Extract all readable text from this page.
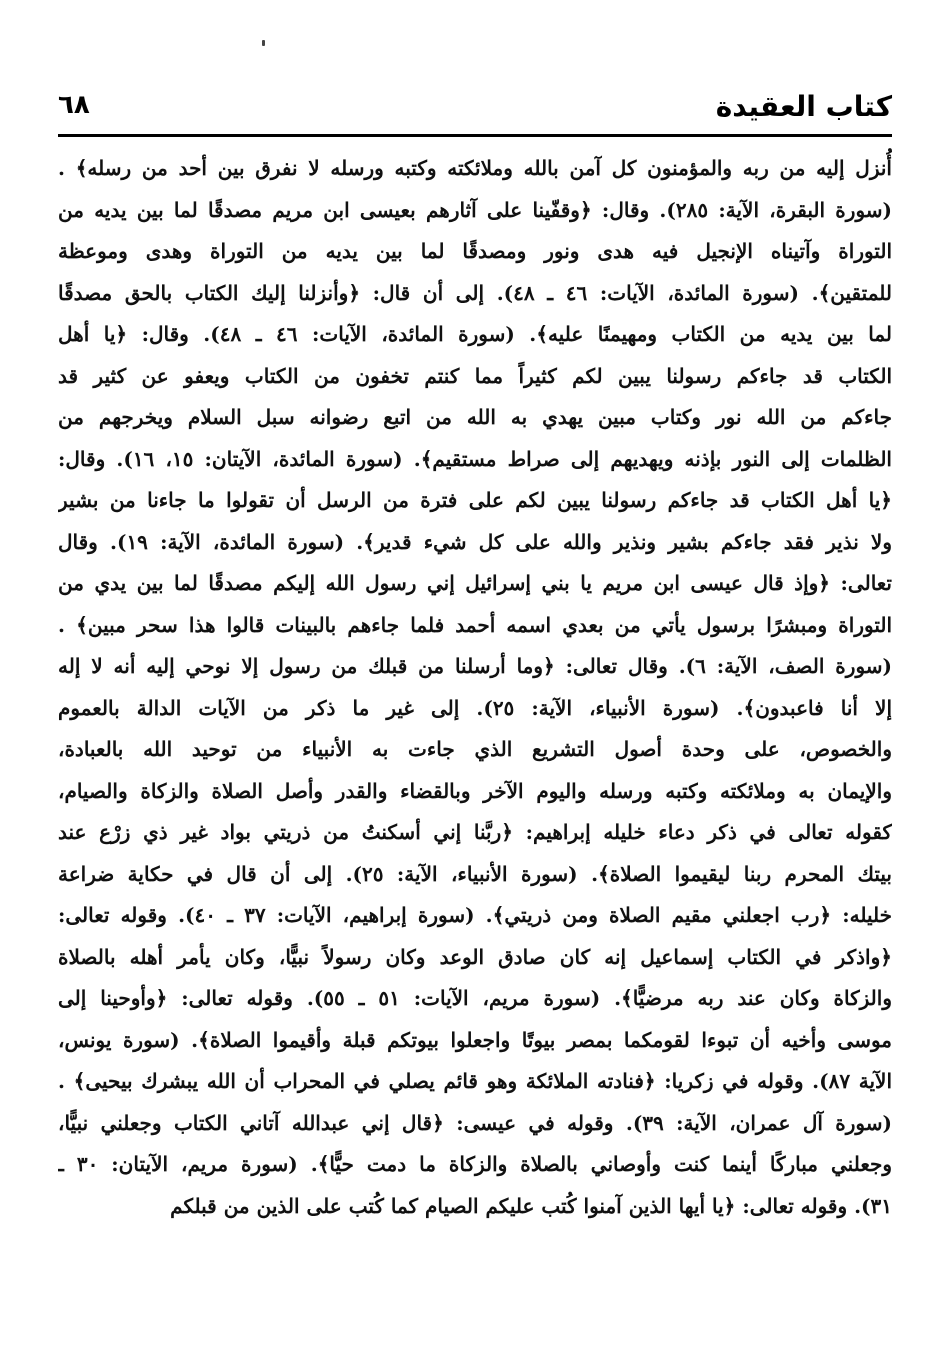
كتاب العقيدة
٦٨
أُنزل إليه من ربه والمؤمنون كل آمن بالله وملائكته وكتبه ورسله لا نفرق بين أحد من رسله﴾ .
(سورة البقرة، الآية: ٢٨٥). وقال: ﴿وقفّينا على آثارهم بعيسى ابن مريم مصدقًا لما بين يديه من
التوراة وآتيناه الإنجيل فيه هدى ونور ومصدقًا لما بين يديه من التوراة وهدى وموعظة
للمتقين﴾. (سورة المائدة، الآيات: ٤٦ ـ ٤٨). إلى أن قال: ﴿وأنزلنا إليك الكتاب بالحق مصدقًا
لما بين يديه من الكتاب ومهيمنًا عليه﴾. (سورة المائدة، الآيات: ٤٦ ـ ٤٨). وقال: ﴿يا أهل
الكتاب قد جاءكم رسولنا يبين لكم كثيراً مما كنتم تخفون من الكتاب ويعفو عن كثير قد
جاءكم من الله نور وكتاب مبين يهدي به الله من اتبع رضوانه سبل السلام ويخرجهم من
الظلمات إلى النور بإذنه ويهديهم إلى صراط مستقيم﴾. (سورة المائدة، الآيتان: ١٥، ١٦). وقال:
﴿يا أهل الكتاب قد جاءكم رسولنا يبين لكم على فترة من الرسل أن تقولوا ما جاءنا من بشير
ولا نذير فقد جاءكم بشير ونذير والله على كل شيء قدير﴾. (سورة المائدة، الآية: ١٩). وقال
تعالى: ﴿وإذ قال عيسى ابن مريم يا بني إسرائيل إني رسول الله إليكم مصدقًا لما بين يدي من
التوراة ومبشرًا برسول يأتي من بعدي اسمه أحمد فلما جاءهم بالبينات قالوا هذا سحر مبين﴾ .
(سورة الصف، الآية: ٦). وقال تعالى: ﴿وما أرسلنا من قبلك من رسول إلا نوحي إليه أنه لا إله
إلا أنا فاعبدون﴾. (سورة الأنبياء، الآية: ٢٥). إلى غير ما ذكر من الآيات الدالة بالعموم
والخصوص، على وحدة أصول التشريع الذي جاءت به الأنبياء من توحيد الله بالعبادة،
والإيمان به وملائكته وكتبه ورسله واليوم الآخر وبالقضاء والقدر وأصل الصلاة والزكاة والصيام،
كقوله تعالى في ذكر دعاء خليله إبراهيم: ﴿ربَّنا إني أسكنتُ من ذريتي بواد غير ذي زرْع عند
بيتك المحرم ربنا ليقيموا الصلاة﴾. (سورة الأنبياء، الآية: ٢٥). إلى أن قال في حكاية ضراعة
خليله: ﴿رب اجعلني مقيم الصلاة ومن ذريتي﴾. (سورة إبراهيم، الآيات: ٣٧ ـ ٤٠). وقوله تعالى:
﴿واذكر في الكتاب إسماعيل إنه كان صادق الوعد وكان رسولاً نبيًّا، وكان يأمر أهله بالصلاة
والزكاة وكان عند ربه مرضيًّا﴾. (سورة مريم، الآيات: ٥١ ـ ٥٥). وقوله تعالى: ﴿وأوحينا إلى
موسى وأخيه أن تبوءا لقومكما بمصر بيوتًا واجعلوا بيوتكم قبلة وأقيموا الصلاة﴾. (سورة يونس،
الآية ٨٧). وقوله في زكريا: ﴿فنادته الملائكة وهو قائم يصلي في المحراب أن الله يبشرك بيحيى﴾ .
(سورة آل عمران، الآية: ٣٩). وقوله في عيسى: ﴿قال إني عبدالله آتاني الكتاب وجعلني نبيًّا،
وجعلني مباركًا أينما كنت وأوصاني بالصلاة والزكاة ما دمت حيًّا﴾. (سورة مريم، الآيتان: ٣٠ ـ
٣١). وقوله تعالى: ﴿يا أيها الذين آمنوا كُتب عليكم الصيام كما كُتب على الذين من قبلكم
